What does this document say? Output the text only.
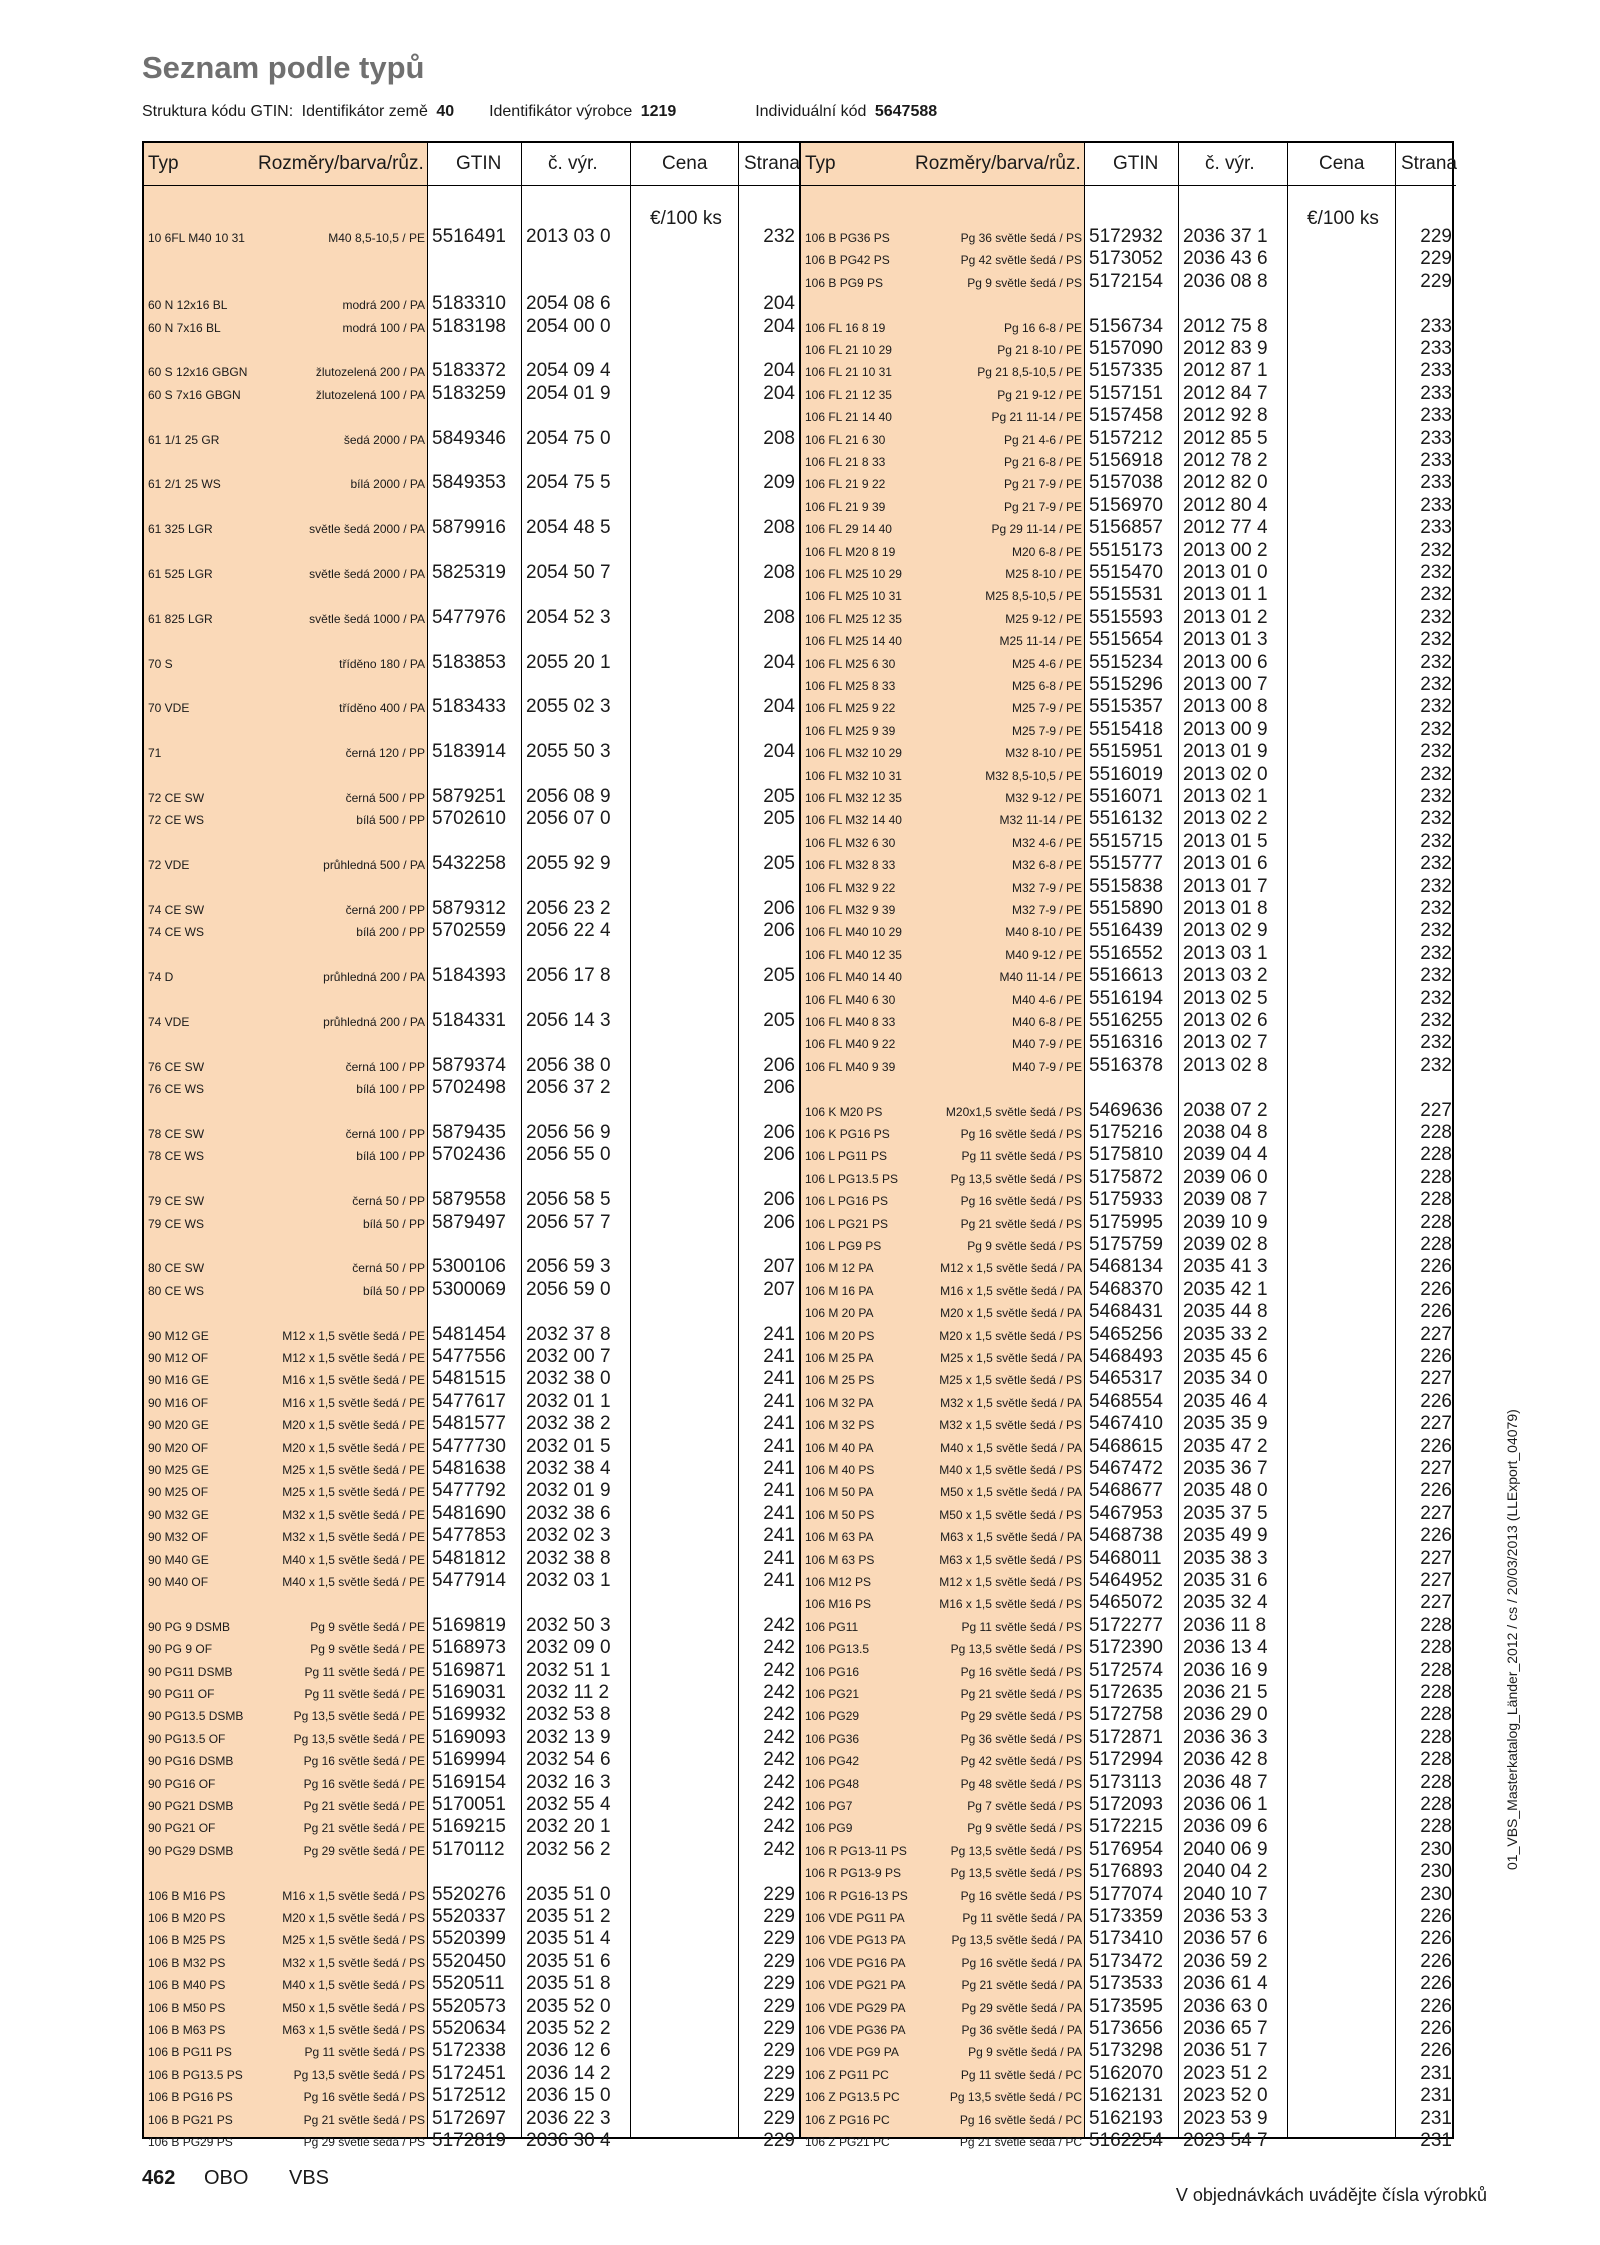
Seznam podle typů
Struktura kódu GTIN: Identifikátor země 40 Identifikátor výrobce 1219	Individuální kód 5647588
Typ	Rozměry/barva/růz. GTIN č. výr.	Cena Strana
€/100 ks
10 6FL M40 10 31	M40 8,5-10,5 / PE 5516491 2013 03 0	232
60 N 12x16 BL	modrá 200 / PA 5183310 2054 08 6	204
60 N 7x16 BL	modrá 100 / PA 5183198 2054 00 0	204
60 S 12x16 GBGN	žlutozelená 200 / PA 5183372 2054 09 4	204
60 S 7x16 GBGN	žlutozelená 100 / PA 5183259 2054 01 9	204
61 1/1 25 GR	šedá 2000 / PA 5849346 2054 75 0	208
61 2/1 25 WS	bílá 2000 / PA 5849353 2054 75 5	209
61 325 LGR	světle šedá 2000 / PA 5879916 2054 48 5	208
61 525 LGR	světle šedá 2000 / PA 5825319 2054 50 7	208
61 825 LGR	světle šedá 1000 / PA 5477976 2054 52 3	208
70 S	tříděno 180 / PA 5183853 2055 20 1	204
70 VDE	tříděno 400 / PA 5183433 2055 02 3	204
71	černá 120 / PP 5183914 2055 50 3	204
72 CE SW	černá 500 / PP 5879251 2056 08 9	205
72 CE WS	bílá 500 / PP 5702610 2056 07 0	205
72 VDE	průhledná 500 / PA 5432258 2055 92 9	205
74 CE SW	černá 200 / PP 5879312 2056 23 2	206
74 CE WS	bílá 200 / PP 5702559 2056 22 4	206
74 D	průhledná 200 / PA 5184393 2056 17 8	205
74 VDE	průhledná 200 / PA 5184331 2056 14 3	205
76 CE SW	černá 100 / PP 5879374 2056 38 0	206
76 CE WS	bílá 100 / PP 5702498 2056 37 2	206
78 CE SW	černá 100 / PP 5879435 2056 56 9	206
78 CE WS	bílá 100 / PP 5702436 2056 55 0	206
79 CE SW	černá 50 / PP 5879558 2056 58 5	206
79 CE WS	bílá 50 / PP 5879497 2056 57 7	206
80 CE SW	černá 50 / PP 5300106 2056 59 3	207
80 CE WS	bílá 50 / PP 5300069 2056 59 0	207
90 M12 GE	M12 x 1,5 světle šedá / PE 5481454 2032 37 8	241
90 M12 OF	M12 x 1,5 světle šedá / PE 5477556 2032 00 7	241
90 M16 GE	M16 x 1,5 světle šedá / PE 5481515 2032 38 0	241
90 M16 OF	M16 x 1,5 světle šedá / PE 5477617 2032 01 1	241
90 M20 GE	M20 x 1,5 světle šedá / PE 5481577 2032 38 2	241
90 M20 OF	M20 x 1,5 světle šedá / PE 5477730 2032 01 5	241
90 M25 GE	M25 x 1,5 světle šedá / PE 5481638 2032 38 4	241
90 M25 OF	M25 x 1,5 světle šedá / PE 5477792 2032 01 9	241
90 M32 GE	M32 x 1,5 světle šedá / PE 5481690 2032 38 6	241
90 M32 OF	M32 x 1,5 světle šedá / PE 5477853 2032 02 3	241
90 M40 GE	M40 x 1,5 světle šedá / PE 5481812 2032 38 8	241
90 M40 OF	M40 x 1,5 světle šedá / PE 5477914 2032 03 1	241
90 PG 9 DSMB	Pg 9 světle šedá / PE 5169819 2032 50 3	242
90 PG 9 OF	Pg 9 světle šedá / PE 5168973 2032 09 0	242
90 PG11 DSMB	Pg 11 světle šedá / PE 5169871 2032 51 1	242
90 PG11 OF	Pg 11 světle šedá / PE 5169031 2032 11 2	242
90 PG13.5 DSMB	Pg 13,5 světle šedá / PE 5169932 2032 53 8	242
90 PG13.5 OF	Pg 13,5 světle šedá / PE 5169093 2032 13 9	242
90 PG16 DSMB	Pg 16 světle šedá / PE 5169994 2032 54 6	242
90 PG16 OF	Pg 16 světle šedá / PE 5169154 2032 16 3	242
90 PG21 DSMB	Pg 21 světle šedá / PE 5170051 2032 55 4	242
90 PG21 OF	Pg 21 světle šedá / PE 5169215 2032 20 1	242
90 PG29 DSMB	Pg 29 světle šedá / PE 5170112 2032 56 2	242
106 B M16 PS	M16 x 1,5 světle šedá / PS 5520276 2035 51 0	229
106 B M20 PS	M20 x 1,5 světle šedá / PS 5520337 2035 51 2	229
106 B M25 PS	M25 x 1,5 světle šedá / PS 5520399 2035 51 4	229
106 B M32 PS	M32 x 1,5 světle šedá / PS 5520450 2035 51 6	229
106 B M40 PS	M40 x 1,5 světle šedá / PS 5520511 2035 51 8	229
106 B M50 PS	M50 x 1,5 světle šedá / PS 5520573 2035 52 0	229
106 B M63 PS	M63 x 1,5 světle šedá / PS 5520634 2035 52 2	229
106 B PG11 PS	Pg 11 světle šedá / PS 5172338 2036 12 6	229
106 B PG13.5 PS	Pg 13,5 světle šedá / PS 5172451 2036 14 2	229
106 B PG16 PS	Pg 16 světle šedá / PS 5172512 2036 15 0	229
106 B PG21 PS	Pg 21 světle šedá / PS 5172697 2036 22 3	229
106 B PG29 PS	Pg 29 světle šedá / PS 5172819 2036 30 4	229
Typ	Rozměry/barva/růz. GTIN č. výr.	Cena Strana
€/100 ks
106 B PG36 PS	Pg 36 světle šedá / PS 5172932 2036 37 1	229
106 B PG42 PS	Pg 42 světle šedá / PS 5173052 2036 43 6	229
106 B PG9 PS	Pg 9 světle šedá / PS 5172154 2036 08 8	229
106 FL 16 8 19	Pg 16 6-8 / PE 5156734 2012 75 8	233
106 FL 21 10 29	Pg 21 8-10 / PE 5157090 2012 83 9	233
106 FL 21 10 31	Pg 21 8,5-10,5 / PE 5157335 2012 87 1	233
106 FL 21 12 35	Pg 21 9-12 / PE 5157151 2012 84 7	233
106 FL 21 14 40	Pg 21 11-14 / PE 5157458 2012 92 8	233
106 FL 21 6 30	Pg 21 4-6 / PE 5157212 2012 85 5	233
106 FL 21 8 33	Pg 21 6-8 / PE 5156918 2012 78 2	233
106 FL 21 9 22	Pg 21 7-9 / PE 5157038 2012 82 0	233
106 FL 21 9 39	Pg 21 7-9 / PE 5156970 2012 80 4	233
106 FL 29 14 40	Pg 29 11-14 / PE 5156857 2012 77 4	233
106 FL M20 8 19	M20 6-8 / PE 5515173 2013 00 2	232
106 FL M25 10 29	M25 8-10 / PE 5515470 2013 01 0	232
106 FL M25 10 31	M25 8,5-10,5 / PE 5515531 2013 01 1	232
106 FL M25 12 35	M25 9-12 / PE 5515593 2013 01 2	232
106 FL M25 14 40	M25 11-14 / PE 5515654 2013 01 3	232
106 FL M25 6 30	M25 4-6 / PE 5515234 2013 00 6	232
106 FL M25 8 33	M25 6-8 / PE 5515296 2013 00 7	232
106 FL M25 9 22	M25 7-9 / PE 5515357 2013 00 8	232
106 FL M25 9 39	M25 7-9 / PE 5515418 2013 00 9	232
106 FL M32 10 29	M32 8-10 / PE 5515951 2013 01 9	232
106 FL M32 10 31	M32 8,5-10,5 / PE 5516019 2013 02 0	232
106 FL M32 12 35	M32 9-12 / PE 5516071 2013 02 1	232
106 FL M32 14 40	M32 11-14 / PE 5516132 2013 02 2	232
106 FL M32 6 30	M32 4-6 / PE 5515715 2013 01 5	232
106 FL M32 8 33	M32 6-8 / PE 5515777 2013 01 6	232
106 FL M32 9 22	M32 7-9 / PE 5515838 2013 01 7	232
106 FL M32 9 39	M32 7-9 / PE 5515890 2013 01 8	232
106 FL M40 10 29	M40 8-10 / PE 5516439 2013 02 9	232
106 FL M40 12 35	M40 9-12 / PE 5516552 2013 03 1	232
106 FL M40 14 40	M40 11-14 / PE 5516613 2013 03 2	232
106 FL M40 6 30	M40 4-6 / PE 5516194 2013 02 5	232
106 FL M40 8 33	M40 6-8 / PE 5516255 2013 02 6	232
106 FL M40 9 22	M40 7-9 / PE 5516316 2013 02 7	232
106 FL M40 9 39	M40 7-9 / PE 5516378 2013 02 8	232
106 K M20 PS	M20x1,5 světle šedá / PS 5469636 2038 07 2	227
106 K PG16 PS	Pg 16 světle šedá / PS 5175216 2038 04 8	228
106 L PG11 PS	Pg 11 světle šedá / PS 5175810 2039 04 4	228
106 L PG13.5 PS	Pg 13,5 světle šedá / PS 5175872 2039 06 0	228
106 L PG16 PS	Pg 16 světle šedá / PS 5175933 2039 08 7	228
106 L PG21 PS	Pg 21 světle šedá / PS 5175995 2039 10 9	228
106 L PG9 PS	Pg 9 světle šedá / PS 5175759 2039 02 8	228
106 M 12 PA	M12 x 1,5 světle šedá / PA 5468134 2035 41 3	226
106 M 16 PA	M16 x 1,5 světle šedá / PA 5468370 2035 42 1	226
106 M 20 PA	M20 x 1,5 světle šedá / PA 5468431 2035 44 8	226
106 M 20 PS	M20 x 1,5 světle šedá / PS 5465256 2035 33 2	227
106 M 25 PA	M25 x 1,5 světle šedá / PA 5468493 2035 45 6	226
106 M 25 PS	M25 x 1,5 světle šedá / PS 5465317 2035 34 0	227
106 M 32 PA	M32 x 1,5 světle šedá / PA 5468554 2035 46 4	226
106 M 32 PS	M32 x 1,5 světle šedá / PS 5467410 2035 35 9	227
106 M 40 PA	M40 x 1,5 světle šedá / PA 5468615 2035 47 2	226
106 M 40 PS	M40 x 1,5 světle šedá / PS 5467472 2035 36 7	227
106 M 50 PA	M50 x 1,5 světle šedá / PA 5468677 2035 48 0	226
106 M 50 PS	M50 x 1,5 světle šedá / PS 5467953 2035 37 5	227
106 M 63 PA	M63 x 1,5 světle šedá / PA 5468738 2035 49 9	226
106 M 63 PS	M63 x 1,5 světle šedá / PS 5468011 2035 38 3	227
106 M12 PS	M12 x 1,5 světle šedá / PS 5464952 2035 31 6	227
106 M16 PS	M16 x 1,5 světle šedá / PS 5465072 2035 32 4	227
106 PG11	Pg 11 světle šedá / PS 5172277 2036 11 8	228
106 PG13.5	Pg 13,5 světle šedá / PS 5172390 2036 13 4	228
106 PG16	Pg 16 světle šedá / PS 5172574 2036 16 9	228
106 PG21	Pg 21 světle šedá / PS 5172635 2036 21 5	228
106 PG29	Pg 29 světle šedá / PS 5172758 2036 29 0	228
106 PG36	Pg 36 světle šedá / PS 5172871 2036 36 3	228
106 PG42	Pg 42 světle šedá / PS 5172994 2036 42 8	228
106 PG48	Pg 48 světle šedá / PS 5173113 2036 48 7	228
106 PG7	Pg 7 světle šedá / PS 5172093 2036 06 1	228
106 PG9	Pg 9 světle šedá / PS 5172215 2036 09 6	228
106 R PG13-11 PS	Pg 13,5 světle šedá / PS 5176954 2040 06 9	230
106 R PG13-9 PS	Pg 13,5 světle šedá / PS 5176893 2040 04 2	230
106 R PG16-13 PS	Pg 16 světle šedá / PS 5177074 2040 10 7	230
106 VDE PG11 PA	Pg 11 světle šedá / PA 5173359 2036 53 3	226
106 VDE PG13 PA	Pg 13,5 světle šedá / PA 5173410 2036 57 6	226
106 VDE PG16 PA	Pg 16 světle šedá / PA 5173472 2036 59 2	226
106 VDE PG21 PA	Pg 21 světle šedá / PA 5173533 2036 61 4	226
106 VDE PG29 PA	Pg 29 světle šedá / PA 5173595 2036 63 0	226
106 VDE PG36 PA	Pg 36 světle šedá / PA 5173656 2036 65 7	226
106 VDE PG9 PA	Pg 9 světle šedá / PA 5173298 2036 51 7	226
106 Z PG11 PC	Pg 11 světle šedá / PC 5162070 2023 51 2	231
106 Z PG13.5 PC	Pg 13,5 světle šedá / PC 5162131 2023 52 0	231
106 Z PG16 PC	Pg 16 světle šedá / PC 5162193 2023 53 9	231
106 Z PG21 PC	Pg 21 světle šedá / PC 5162254 2023 54 7	231
462 OBO VBS
V objednávkách uvádějte čísla výrobků
01_VBS_Masterkatalog_Länder_2012 / cs / 20/03/2013 (LLExport_04079)
